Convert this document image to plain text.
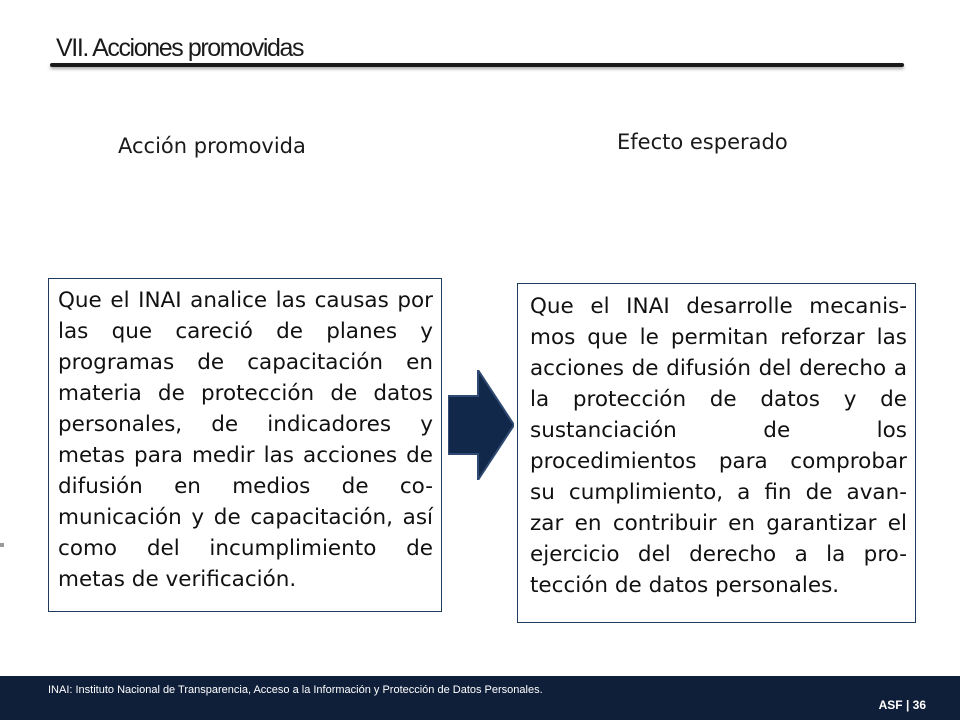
VII. Acciones promovidas
Acción promovida	Efecto esperado
Que el INAI analice las causas por las que careció de planes y programas de capacitación en materia de protección de datos personales, de indicadores y metas para medir las acciones de difusión en medios de co- municación y de capacitación, así como del incumplimiento de metas de verificación.
Que el INAI desarrolle mecanis- mos que le permitan reforzar las acciones de difusión del derecho a la protección de datos y de sustanciación de los procedimientos para comprobar su cumplimiento, a fin de avan- zar en contribuir en garantizar el ejercicio del derecho a la pro- tección de datos personales.
INAI: Instituto Nacional de Transparencia, Acceso a la Información y Protección de Datos Personales.
ASF | 36
